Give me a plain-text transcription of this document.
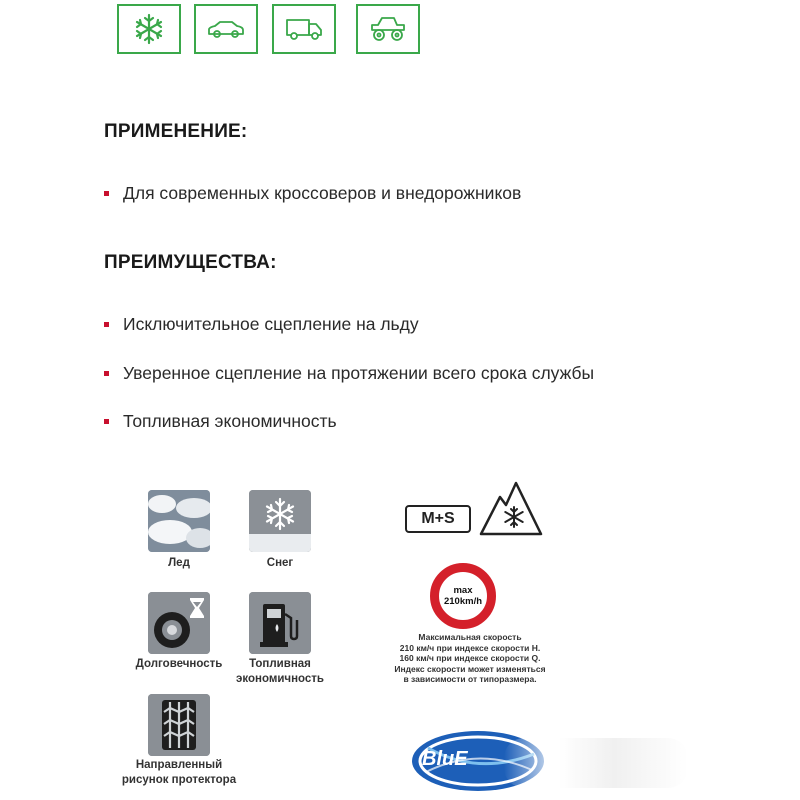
ПРИМЕНЕНИЕ:
Для современных кроссоверов и внедорожников
ПРЕИМУЩЕСТВА:
Исключительное сцепление на льду
Уверенное сцепление на протяжении всего срока службы
Топливная экономичность
Лед	Снег
Долговечность	Топливная
экономичность
Направленный
рисунок протектора
M+S
max
210km/h
Максимальная скорость
210 км/ч при индексе скорости H.
160 км/ч при индексе скорости Q.
Индекс скорости может изменяться
в зависимости от типоразмера.
BluE
